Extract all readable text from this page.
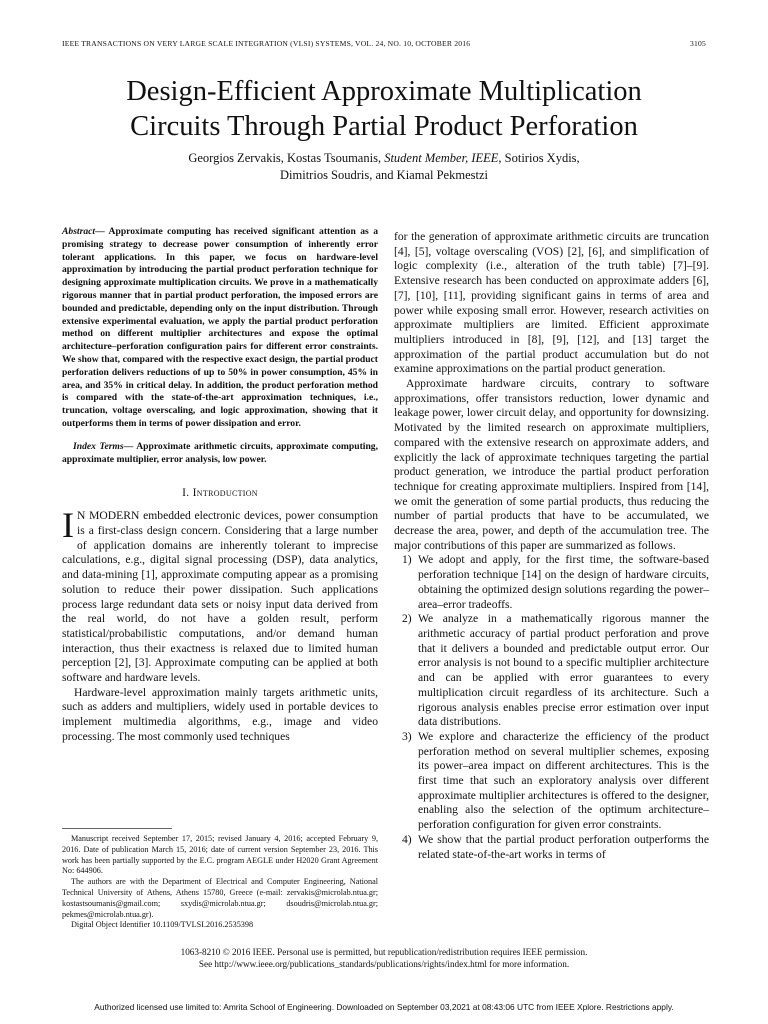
IEEE TRANSACTIONS ON VERY LARGE SCALE INTEGRATION (VLSI) SYSTEMS, VOL. 24, NO. 10, OCTOBER 2016	3105
Design-Efficient Approximate Multiplication
Circuits Through Partial Product Perforation
Georgios Zervakis, Kostas Tsoumanis, Student Member, IEEE, Sotirios Xydis,
Dimitrios Soudris, and Kiamal Pekmestzi
Abstract— Approximate computing has received significant attention as a promising strategy to decrease power consumption of inherently error tolerant applications. In this paper, we focus on hardware-level approximation by introducing the partial product perforation technique for designing approximate multiplication circuits. We prove in a mathematically rigorous manner that in partial product perforation, the imposed errors are bounded and predictable, depending only on the input distribution. Through extensive experimental evaluation, we apply the partial product perforation method on different multiplier architectures and expose the optimal architecture–perforation configuration pairs for different error constraints. We show that, compared with the respective exact design, the partial product perforation delivers reductions of up to 50% in power consumption, 45% in area, and 35% in critical delay. In addition, the product perforation method is compared with the state-of-the-art approximation techniques, i.e., truncation, voltage overscaling, and logic approximation, showing that it outperforms them in terms of power dissipation and error.
Index Terms— Approximate arithmetic circuits, approximate computing, approximate multiplier, error analysis, low power.
I. Introduction

I N MODERN embedded electronic devices, power consumption is a first-class design concern. Considering that a large number of application domains are inherently tolerant to imprecise calculations, e.g., digital signal processing (DSP), data analytics, and data-mining [1], approximate computing appear as a promising solution to reduce their power dissipation. Such applications process large redundant data sets or noisy input data derived from the real world, do not have a golden result, perform statistical/probabilistic computations, and/or demand human interaction, thus their exactness is relaxed due to limited human perception [2], [3]. Approximate computing can be applied at both software and hardware levels.

Hardware-level approximation mainly targets arithmetic units, such as adders and multipliers, widely used in portable devices to implement multimedia algorithms, e.g., image and video processing. The most commonly used techniques

Manuscript received September 17, 2015; revised January 4, 2016; accepted February 9, 2016. Date of publication March 15, 2016; date of current version September 23, 2016. This work has been partially supported by the E.C. program AEGLE under H2020 Grant Agreement No: 644906.

The authors are with the Department of Electrical and Computer Engineering, National Technical University of Athens, Athens 15780, Greece (e-mail: zervakis@microlab.ntua.gr; kostastsoumanis@gmail.com; sxydis@microlab.ntua.gr; dsoudris@microlab.ntua.gr; pekmes@microlab.ntua.gr).

Digital Object Identifier 10.1109/TVLSI.2016.2535398

for the generation of approximate arithmetic circuits are truncation [4], [5], voltage overscaling (VOS) [2], [6], and simplification of logic complexity (i.e., alteration of the truth table) [7]–[9]. Extensive research has been conducted on approximate adders [6], [7], [10], [11], providing significant gains in terms of area and power while exposing small error. However, research activities on approximate multipliers are limited. Efficient approximate multipliers introduced in [8], [9], [12], and [13] target the approximation of the partial product accumulation but do not examine approximations on the partial product generation.

Approximate hardware circuits, contrary to software approximations, offer transistors reduction, lower dynamic and leakage power, lower circuit delay, and opportunity for downsizing. Motivated by the limited research on approximate multipliers, compared with the extensive research on approximate adders, and explicitly the lack of approximate techniques targeting the partial product generation, we introduce the partial product perforation technique for creating approximate multipliers. Inspired from [14], we omit the generation of some partial products, thus reducing the number of partial products that have to be accumulated, we decrease the area, power, and depth of the accumulation tree. The major contributions of this paper are summarized as follows.

1) We adopt and apply, for the first time, the software-based perforation technique [14] on the design of hardware circuits, obtaining the optimized design solutions regarding the power–area–error tradeoffs.
2) We analyze in a mathematically rigorous manner the arithmetic accuracy of partial product perforation and prove that it delivers a bounded and predictable output error. Our error analysis is not bound to a specific multiplier architecture and can be applied with error guarantees to every multiplication circuit regardless of its architecture. Such a rigorous analysis enables precise error estimation over input data distributions.
3) We explore and characterize the efficiency of the product perforation method on several multiplier schemes, exposing its power–area impact on different architectures. This is the first time that such an exploratory analysis over different approximate multiplier architectures is offered to the designer, enabling also the selection of the optimum architecture–perforation configuration for given error constraints.
4) We show that the partial product perforation outperforms the related state-of-the-art works in terms of
1063-8210 © 2016 IEEE. Personal use is permitted, but republication/redistribution requires IEEE permission.
See http://www.ieee.org/publications_standards/publications/rights/index.html for more information.
Authorized licensed use limited to: Amrita School of Engineering. Downloaded on September 03,2021 at 08:43:06 UTC from IEEE Xplore. Restrictions apply.
